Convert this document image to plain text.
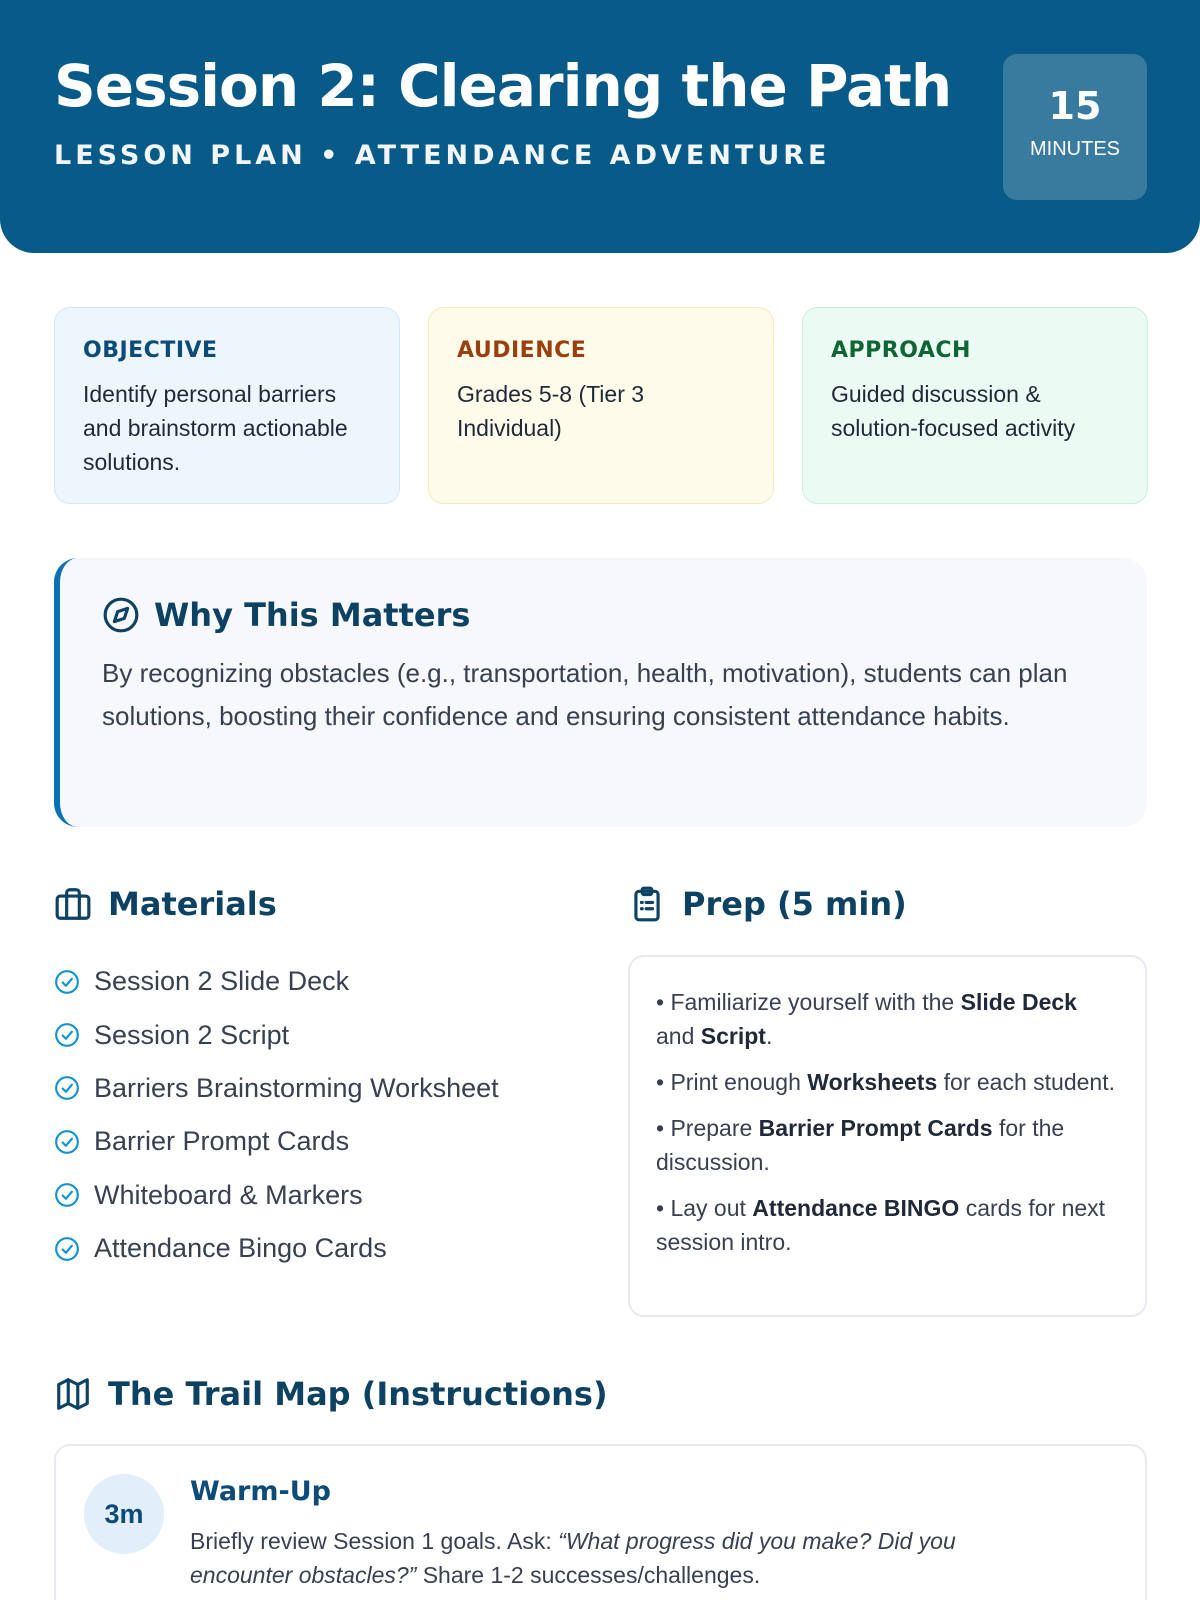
Session 2: Clearing the Path
LESSON PLAN • ATTENDANCE ADVENTURE
15
MINUTES
OBJECTIVE
Identify personal barriers and brainstorm actionable solutions.
AUDIENCE
Grades 5-8 (Tier 3 Individual)
APPROACH
Guided discussion & solution-focused activity
Why This Matters
By recognizing obstacles (e.g., transportation, health, motivation), students can plan solutions, boosting their confidence and ensuring consistent attendance habits.
Materials
Session 2 Slide Deck
Session 2 Script
Barriers Brainstorming Worksheet
Barrier Prompt Cards
Whiteboard & Markers
Attendance Bingo Cards
Prep (5 min)
• Familiarize yourself with the Slide Deck and Script.
• Print enough Worksheets for each student.
• Prepare Barrier Prompt Cards for the discussion.
• Lay out Attendance BINGO cards for next session intro.
The Trail Map (Instructions)
3m
Warm-Up
Briefly review Session 1 goals. Ask: “What progress did you make? Did you encounter obstacles?” Share 1-2 successes/challenges.
